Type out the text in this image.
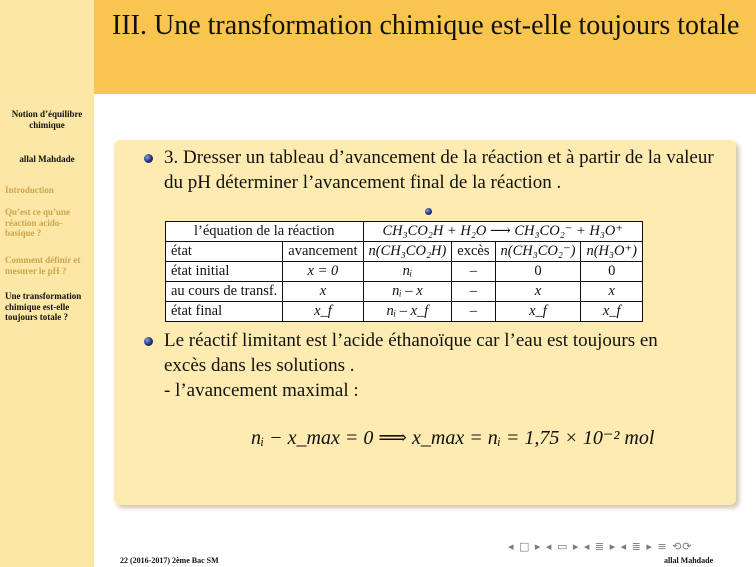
Notion d’équilibre chimique
allal Mahdade
Introduction
Qu’est ce qu’une réaction acido-basique ?
Comment définir et mesurer le pH ?
Une transformation chimique est-elle toujours totale ?
III. Une transformation chimique est-elle toujours totale
3. Dresser un tableau d’avancement de la réaction et à partir de la valeur du pH déterminer l’avancement final de la réaction .
l’équation de la réaction		CH₃CO₂H + H₂O ⟶ CH₃CO₂⁻ + H₃O⁺			
état	avancement	n(CH₃CO₂H)	excès	n(CH₃CO₂⁻)	n(H₃O⁺)
état initial	x = 0	nᵢ	–	0	0
au cours de transf.	x	nᵢ – x	–	x	x
état final	x_f	nᵢ – x_f	–	x_f	x_f
Le réactif limitant est l’acide éthanoïque car l’eau est toujours en
excès dans les solutions .
- l’avancement maximal :
nᵢ − x_max = 0 ⟹ x_max = nᵢ = 1,75 × 10⁻² mol
◂ □ ▸ ◂ ▭ ▸ ◂ ≣ ▸ ◂ ≣ ▸ ≡ ⟲⟳
22 (2016-2017) 2ème Bac SM	allal Mahdade
